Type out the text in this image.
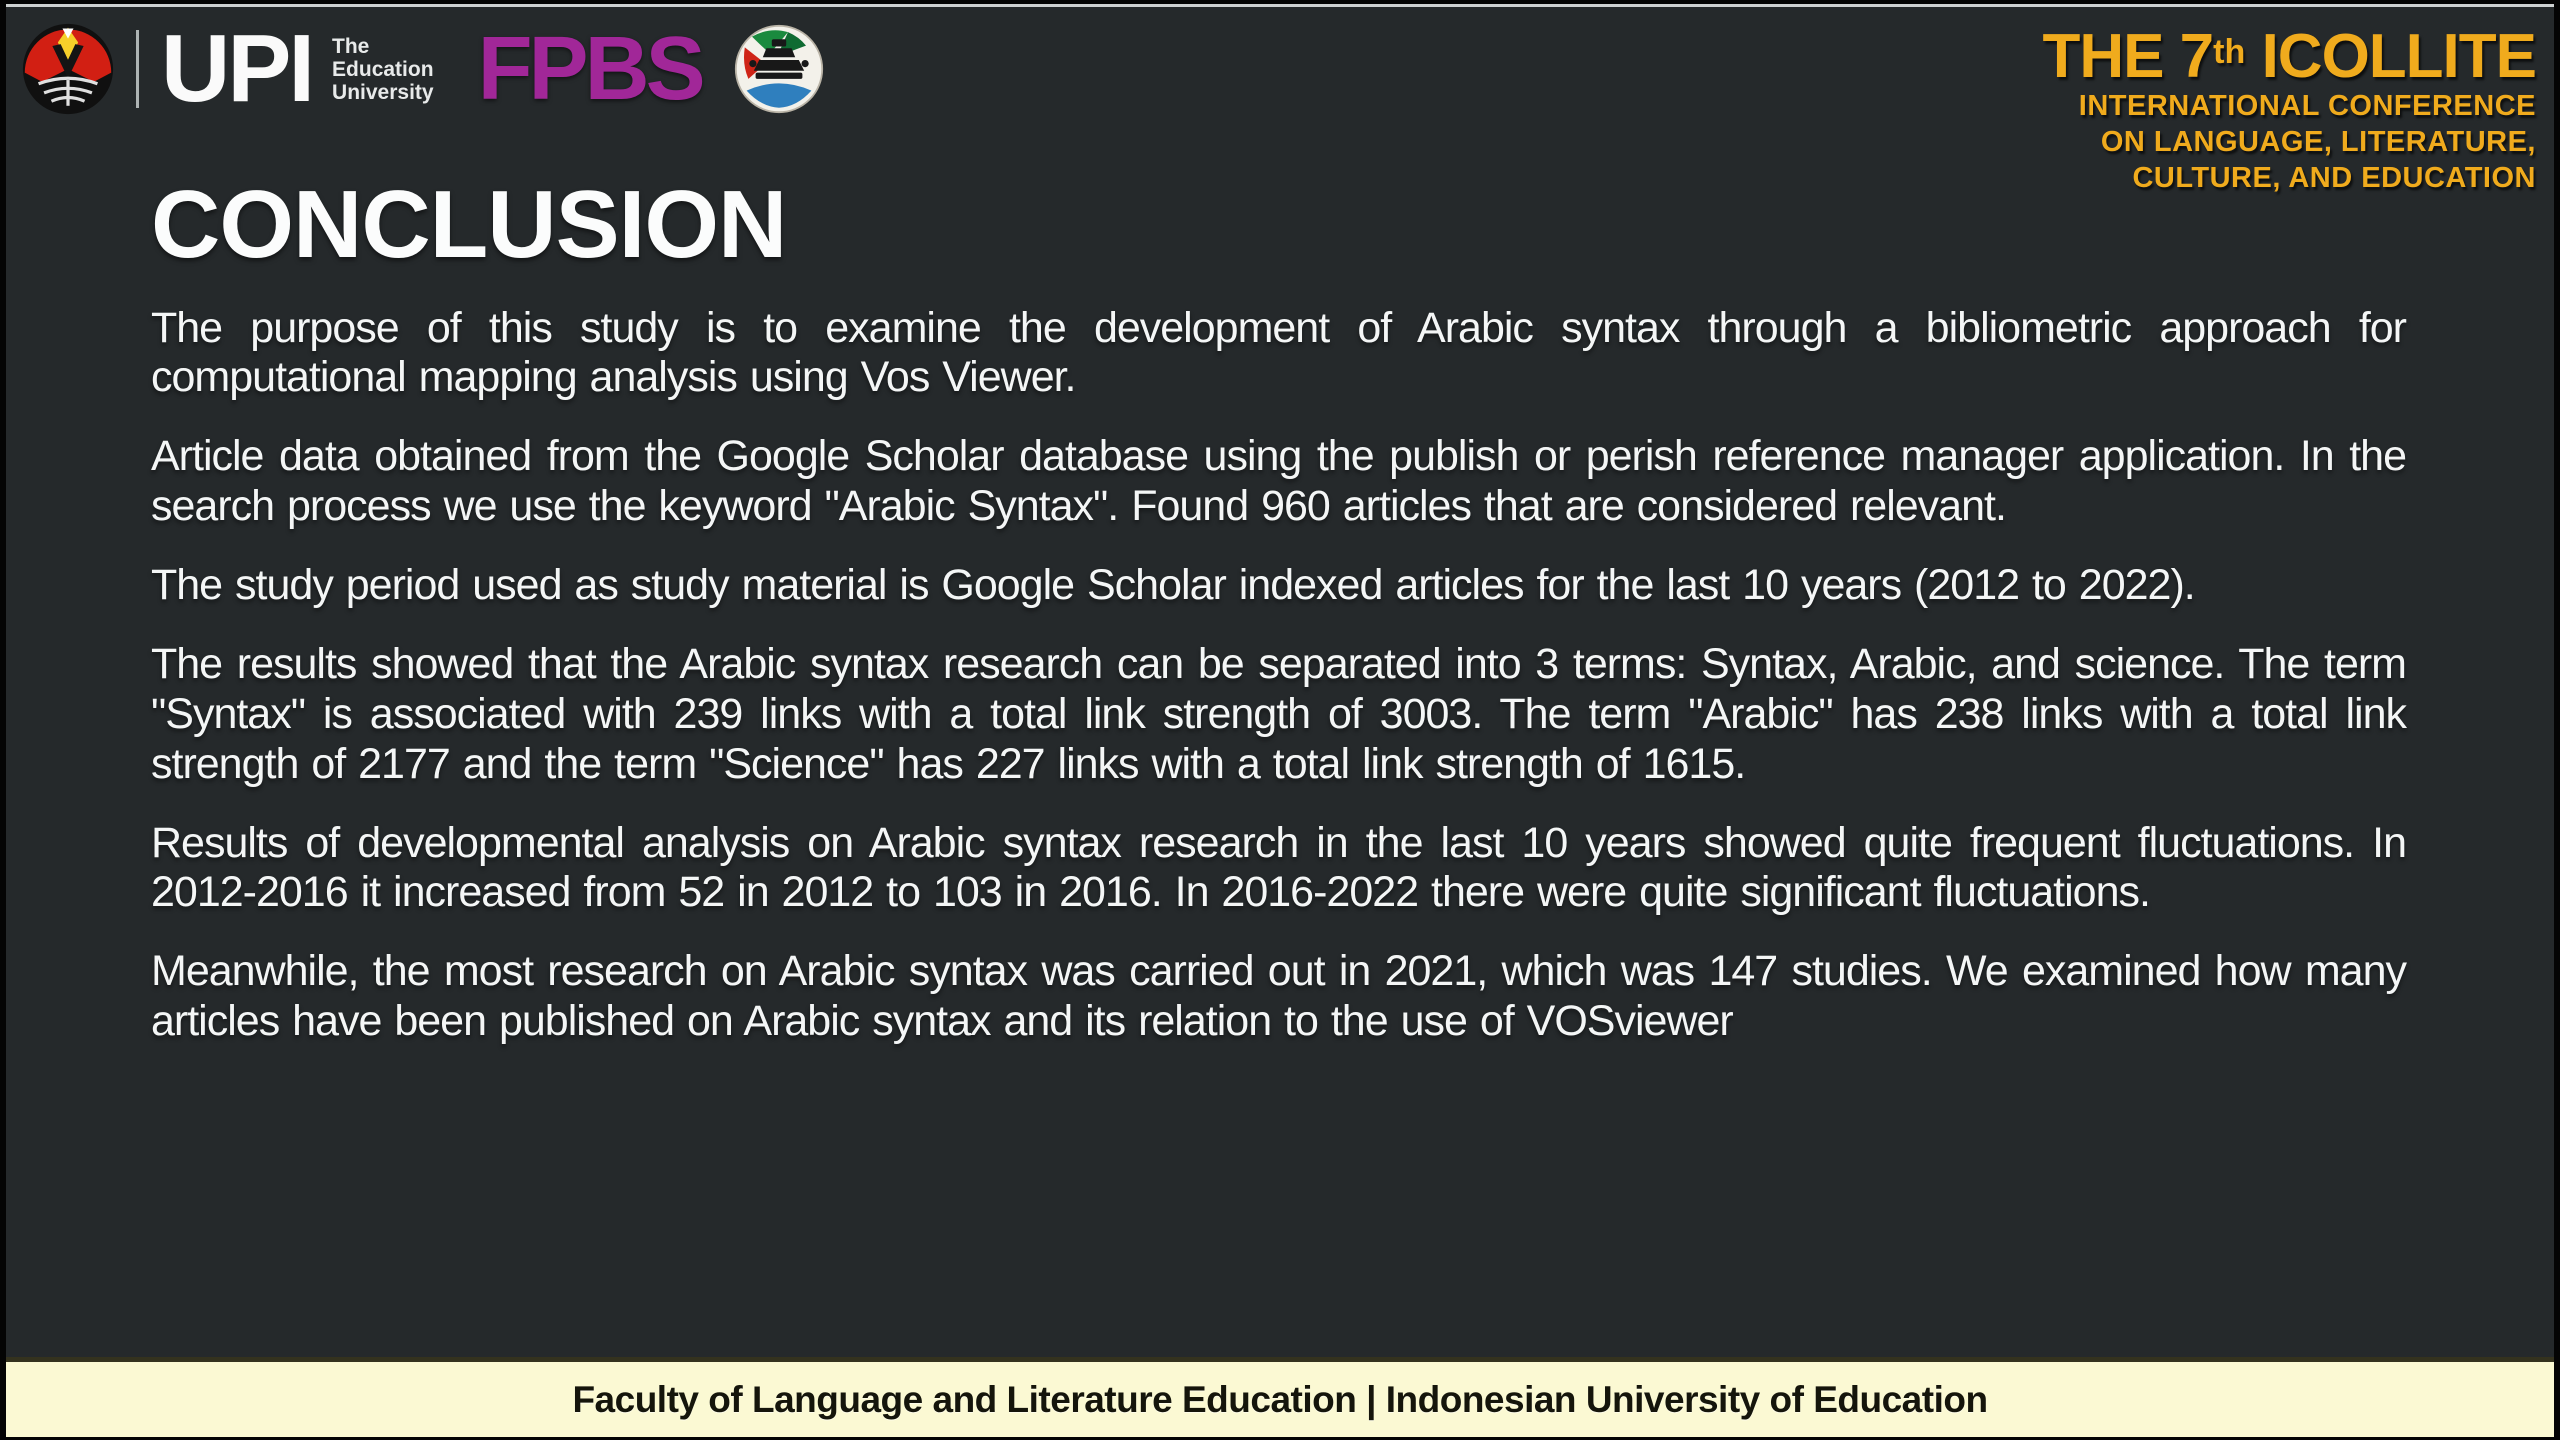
UPI The
Education
University FPBS	THE 7th ICOLLITE
INTERNATIONAL CONFERENCE
ON LANGUAGE, LITERATURE,
CULTURE, AND EDUCATION
CONCLUSION

The purpose of this study is to examine the development of Arabic syntax through a bibliometric approach for computational mapping analysis using Vos Viewer.

Article data obtained from the Google Scholar database using the publish or perish reference manager application. In the search process we use the keyword "Arabic Syntax". Found 960 articles that are considered relevant.

The study period used as study material is Google Scholar indexed articles for the last 10 years (2012 to 2022).

The results showed that the Arabic syntax research can be separated into 3 terms: Syntax, Arabic, and science. The term "Syntax" is associated with 239 links with a total link strength of 3003. The term "Arabic" has 238 links with a total link strength of 2177 and the term "Science" has 227 links with a total link strength of 1615.

Results of developmental analysis on Arabic syntax research in the last 10 years showed quite frequent fluctuations. In 2012-2016 it increased from 52 in 2012 to 103 in 2016. In 2016-2022 there were quite significant fluctuations.

Meanwhile, the most research on Arabic syntax was carried out in 2021, which was 147 studies. We examined how many articles have been published on Arabic syntax and its relation to the use of VOSviewer

Faculty of Language and Literature Education | Indonesian University of Education
